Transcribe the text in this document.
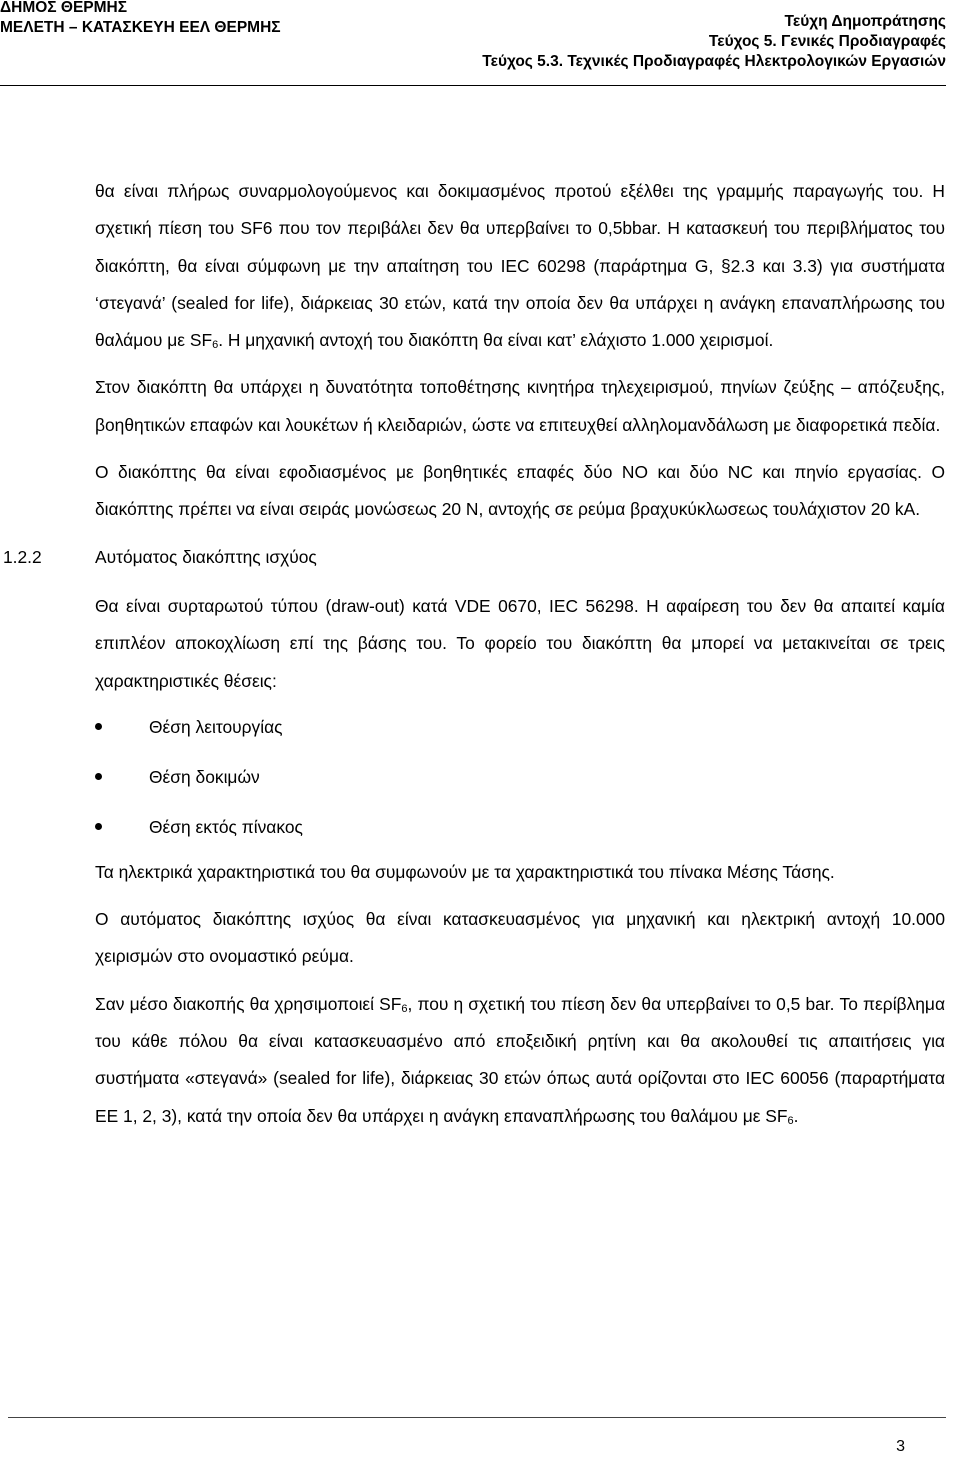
ΔΗΜΟΣ ΘΕΡΜΗΣ
ΜΕΛΕΤΗ – ΚΑΤΑΣΚΕΥΗ ΕΕΛ ΘΕΡΜΗΣ	Τεύχη Δημοπράτησης
Τεύχος 5. Γενικές Προδιαγραφές
Τεύχος 5.3. Τεχνικές Προδιαγραφές Ηλεκτρολογικών Εργασιών

θα είναι πλήρως συναρμολογούμενος και δοκιμασμένος προτού εξέλθει της γραμμής παραγωγής του. Η σχετική πίεση του SF6 που τον περιβάλει δεν θα υπερβαίνει το 0,5bbar. Η κατασκευή του περιβλήματος του διακόπτη, θα είναι σύμφωνη με την απαίτηση του IEC 60298 (παράρτημα G, §2.3 και 3.3) για συστήματα ‘στεγανά’ (sealed for life), διάρκειας 30 ετών, κατά την οποία δεν θα υπάρχει η ανάγκη επαναπλήρωσης του θαλάμου με $SF_6$. Η μηχανική αντοχή του διακόπτη θα είναι κατ’ ελάχιστο 1.000 χειρισμοί.

Στον διακόπτη θα υπάρχει η δυνατότητα τοποθέτησης κινητήρα τηλεχειρισμού, πηνίων ζεύξης – απόζευξης, βοηθητικών επαφών και λουκέτων ή κλειδαριών, ώστε να επιτευχθεί αλληλομανδάλωση με διαφορετικά πεδία.

Ο διακόπτης θα είναι εφοδιασμένος με βοηθητικές επαφές δύο NO και δύο NC και πηνίο εργασίας. Ο διακόπτης πρέπει να είναι σειράς μονώσεως 20 Ν, αντοχής σε ρεύμα βραχυκύκλωσεως τουλάχιστον 20 kA.

1.2.2	Αυτόματος διακόπτης ισχύος

Θα είναι συρταρωτού τύπου (draw-out) κατά VDE 0670, IEC 56298. Η αφαίρεση του δεν θα απαιτεί καμία επιπλέον αποκοχλίωση επί της βάσης του. Το φορείο του διακόπτη θα μπορεί να μετακινείται σε τρεις χαρακτηριστικές θέσεις:

Θέση λειτουργίας

Θέση δοκιμών

Θέση εκτός πίνακος

Τα ηλεκτρικά χαρακτηριστικά του θα συμφωνούν με τα χαρακτηριστικά του πίνακα Μέσης Τάσης.

Ο αυτόματος διακόπτης ισχύος θα είναι κατασκευασμένος για μηχανική και ηλεκτρική αντοχή 10.000 χειρισμών στο ονομαστικό ρεύμα.

Σαν μέσο διακοπής θα χρησιμοποιεί $SF_6$, που η σχετική του πίεση δεν θα υπερβαίνει το 0,5 bar. Το περίβλημα του κάθε πόλου θα είναι κατασκευασμένο από εποξειδική ρητίνη και θα ακολουθεί τις απαιτήσεις για συστήματα «στεγανά» (sealed for life), διάρκειας 30 ετών όπως αυτά ορίζονται στο IEC 60056 (παραρτήματα ΕΕ 1, 2, 3), κατά την οποία δεν θα υπάρχει η ανάγκη επαναπλήρωσης του θαλάμου με $SF_6$.

3
